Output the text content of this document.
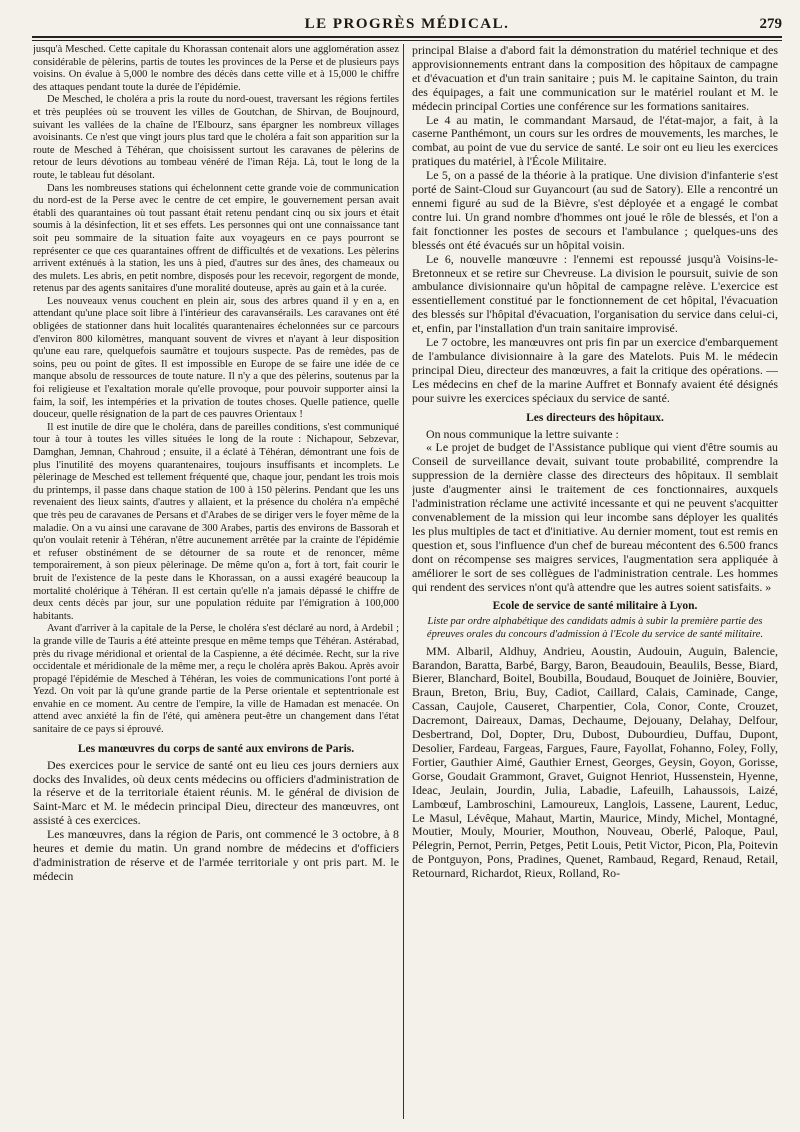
LE PROGRÈS MÉDICAL.	279

jusqu'à Mesched. Cette capitale du Khorassan contenait alors une agglomération assez considérable de pèlerins, partis de toutes les provinces de la Perse et de plusieurs pays voisins. On évalue à 5,000 le nombre des décès dans cette ville et à 15,000 le chiffre des attaques pendant toute la durée de l'épidémie.

De Mesched, le choléra a pris la route du nord-ouest, traversant les régions fertiles et très peuplées où se trouvent les villes de Goutchan, de Shirvan, de Boujnourd, suivant les vallées de la chaîne de l'Elbourz, sans épargner les nombreux villages avoisinants. Ce n'est que vingt jours plus tard que le choléra a fait son apparition sur la route de Mesched à Téhéran, que choisissent surtout les caravanes de pèlerins de retour de leurs dévotions au tombeau vénéré de l'iman Réja. Là, tout le long de la route, le tableau fut désolant.

Dans les nombreuses stations qui échelonnent cette grande voie de communication du nord-est de la Perse avec le centre de cet empire, le gouvernement persan avait établi des quarantaines où tout passant était retenu pendant cinq ou six jours et était soumis à la désinfection, lit et ses effets. Les personnes qui ont une connaissance tant soit peu sommaire de la situation faite aux voyageurs en ce pays pourront se représenter ce que ces quarantaines offrent de difficultés et de vexations. Les pèlerins arrivent exténués à la station, les uns à pied, d'autres sur des ânes, des chameaux ou des mulets. Les abris, en petit nombre, disposés pour les recevoir, regorgent de monde, retenus par des agents sanitaires d'une moralité douteuse, après au gain et à la curée.

Les nouveaux venus couchent en plein air, sous des arbres quand il y en a, en attendant qu'une place soit libre à l'intérieur des caravansérails. Les caravanes ont été obligées de stationner dans huit localités quarantenaires échelonnées sur ce parcours d'environ 800 kilomètres, manquant souvent de vivres et n'ayant à leur disposition qu'une eau rare, quelquefois saumâtre et toujours suspecte. Pas de remèdes, pas de soins, peu ou point de gîtes. Il est impossible en Europe de se faire une idée de ce manque absolu de ressources de toute nature. Il n'y a que des pèlerins, soutenus par la foi religieuse et l'exaltation morale qu'elle provoque, pour pouvoir supporter ainsi la faim, la soif, les intempéries et la privation de toutes choses. Quelle patience, quelle douceur, quelle résignation de la part de ces pauvres Orientaux !

Il est inutile de dire que le choléra, dans de pareilles conditions, s'est communiqué tour à tour à toutes les villes situées le long de la route : Nichapour, Sebzevar, Damghan, Jemnan, Chahroud ; ensuite, il a éclaté à Téhéran, démontrant une fois de plus l'inutilité des moyens quarantenaires, toujours insuffisants et incomplets. Le pèlerinage de Mesched est tellement fréquenté que, chaque jour, pendant les trois mois du printemps, il passe dans chaque station de 100 à 150 pèlerins. Pendant que les uns revenaient des lieux saints, d'autres y allaient, et la présence du choléra n'a empêché que très peu de caravanes de Persans et d'Arabes de se diriger vers le foyer même de la maladie. On a vu ainsi une caravane de 300 Arabes, partis des environs de Bassorah et qu'on voulait retenir à Téhéran, n'être aucunement arrêtée par la crainte de l'épidémie et refuser obstinément de se détourner de sa route et de renoncer, même temporairement, à son pieux pèlerinage. De même qu'on a, fort à tort, fait courir le bruit de l'existence de la peste dans le Khorassan, on a aussi exagéré beaucoup la mortalité cholérique à Téhéran. Il est certain qu'elle n'a jamais dépassé le chiffre de deux cents décès par jour, sur une population réduite par l'émigration à 100,000 habitants.

Avant d'arriver à la capitale de la Perse, le choléra s'est déclaré au nord, à Ardebil ; la grande ville de Tauris a été atteinte presque en même temps que Téhéran. Astérabad, près du rivage méridional et oriental de la Caspienne, a été décimée. Recht, sur la rive occidentale et méridionale de la même mer, a reçu le choléra après Bakou. Après avoir propagé l'épidémie de Mesched à Téhéran, les voies de communications l'ont porté à Yezd. On voit par là qu'une grande partie de la Perse orientale et septentrionale est envahie en ce moment. Au centre de l'empire, la ville de Hamadan est menacée. On attend avec anxiété la fin de l'été, qui amènera peut-être un changement dans l'état sanitaire de ce pays si éprouvé.

Les manœuvres du corps de santé aux environs de Paris.

Des exercices pour le service de santé ont eu lieu ces jours derniers aux docks des Invalides, où deux cents médecins ou officiers d'administration de la réserve et de la territoriale étaient réunis. M. le général de division de Saint-Marc et M. le médecin principal Dieu, directeur des manœuvres, ont assisté à ces exercices.

Les manœuvres, dans la région de Paris, ont commencé le 3 octobre, à 8 heures et demie du matin. Un grand nombre de médecins et d'officiers d'administration de réserve et de l'armée territoriale y ont pris part. M. le médecin

principal Blaise a d'abord fait la démonstration du matériel technique et des approvisionnements entrant dans la composition des hôpitaux de campagne et d'évacuation et d'un train sanitaire ; puis M. le capitaine Sainton, du train des équipages, a fait une communication sur le matériel roulant et M. le médecin principal Corties une conférence sur les formations sanitaires.

Le 4 au matin, le commandant Marsaud, de l'état-major, a fait, à la caserne Panthémont, un cours sur les ordres de mouvements, les marches, le combat, au point de vue du service de santé. Le soir ont eu lieu les exercices pratiques du matériel, à l'École Militaire.

Le 5, on a passé de la théorie à la pratique. Une division d'infanterie s'est porté de Saint-Cloud sur Guyancourt (au sud de Satory). Elle a rencontré un ennemi figuré au sud de la Bièvre, s'est déployée et a engagé le combat contre lui. Un grand nombre d'hommes ont joué le rôle de blessés, et l'on a fait fonctionner les postes de secours et l'ambulance ; quelques-uns des blessés ont été évacués sur un hôpital voisin.

Le 6, nouvelle manœuvre : l'ennemi est repoussé jusqu'à Voisins-le-Bretonneux et se retire sur Chevreuse. La division le poursuit, suivie de son ambulance divisionnaire qu'un hôpital de campagne relève. L'exercice est essentiellement constitué par le fonctionnement de cet hôpital, l'évacuation des blessés sur l'hôpital d'évacuation, l'organisation du service dans celui-ci, et, enfin, par l'installation d'un train sanitaire improvisé.

Le 7 octobre, les manœuvres ont pris fin par un exercice d'embarquement de l'ambulance divisionnaire à la gare des Matelots. Puis M. le médecin principal Dieu, directeur des manœuvres, a fait la critique des opérations. — Les médecins en chef de la marine Auffret et Bonnafy avaient été désignés pour suivre les exercices spéciaux du service de santé.

Les directeurs des hôpitaux.

On nous communique la lettre suivante :

« Le projet de budget de l'Assistance publique qui vient d'être soumis au Conseil de surveillance devait, suivant toute probabilité, comprendre la suppression de la dernière classe des directeurs des hôpitaux. Il semblait juste d'augmenter ainsi le traitement de ces fonctionnaires, auxquels l'administration réclame une activité incessante et qui ne peuvent s'acquitter convenablement de la mission qui leur incombe sans déployer les qualités les plus multiples de tact et d'initiative. Au dernier moment, tout est remis en question et, sous l'influence d'un chef de bureau mécontent des 6.500 francs dont on récompense ses maigres services, l'augmentation sera appliquée à améliorer le sort de ses collègues de l'administration centrale. Les hommes qui rendent des services n'ont qu'à attendre que les autres soient satisfaits. »

Ecole de service de santé militaire à Lyon.
Liste par ordre alphabétique des candidats admis à subir la première partie des épreuves orales du concours d'admission à l'Ecole du service de santé militaire.

MM. Albaril, Aldhuy, Andrieu, Aoustin, Audouin, Auguin, Balencie, Barandon, Baratta, Barbé, Bargy, Baron, Beaudouin, Beaulils, Besse, Biard, Bierer, Blanchard, Boitel, Boubilla, Boudaud, Bouquet de Joinière, Bouvier, Braun, Breton, Briu, Buy, Cadiot, Caillard, Calais, Caminade, Cange, Cassan, Caujole, Causeret, Charpentier, Cola, Conor, Conte, Crouzet, Dacremont, Daireaux, Damas, Dechaume, Dejouany, Delahay, Delfour, Desbertrand, Dol, Dopter, Dru, Dubost, Dubourdieu, Duffau, Dupont, Desolier, Fardeau, Fargeas, Fargues, Faure, Fayollat, Fohanno, Foley, Folly, Fortier, Gauthier Aimé, Gauthier Ernest, Georges, Geysin, Goyon, Gorisse, Gorse, Goudait Grammont, Gravet, Guignot Henriot, Hussenstein, Hyenne, Ideac, Jeulain, Jourdin, Julia, Labadie, Lafeuilh, Lahaussois, Laizé, Lambœuf, Lambroschini, Lamoureux, Langlois, Lassene, Laurent, Leduc, Le Masul, Lévêque, Mahaut, Martin, Maurice, Mindy, Michel, Montagné, Moutier, Mouly, Mourier, Mouthon, Nouveau, Oberlé, Paloque, Paul, Pélegrin, Pernot, Perrin, Petges, Petit Louis, Petit Victor, Picon, Pla, Poitevin de Pontguyon, Pons, Pradines, Quenet, Rambaud, Regard, Renaud, Retail, Retournard, Richardot, Rieux, Rolland, Ro-
